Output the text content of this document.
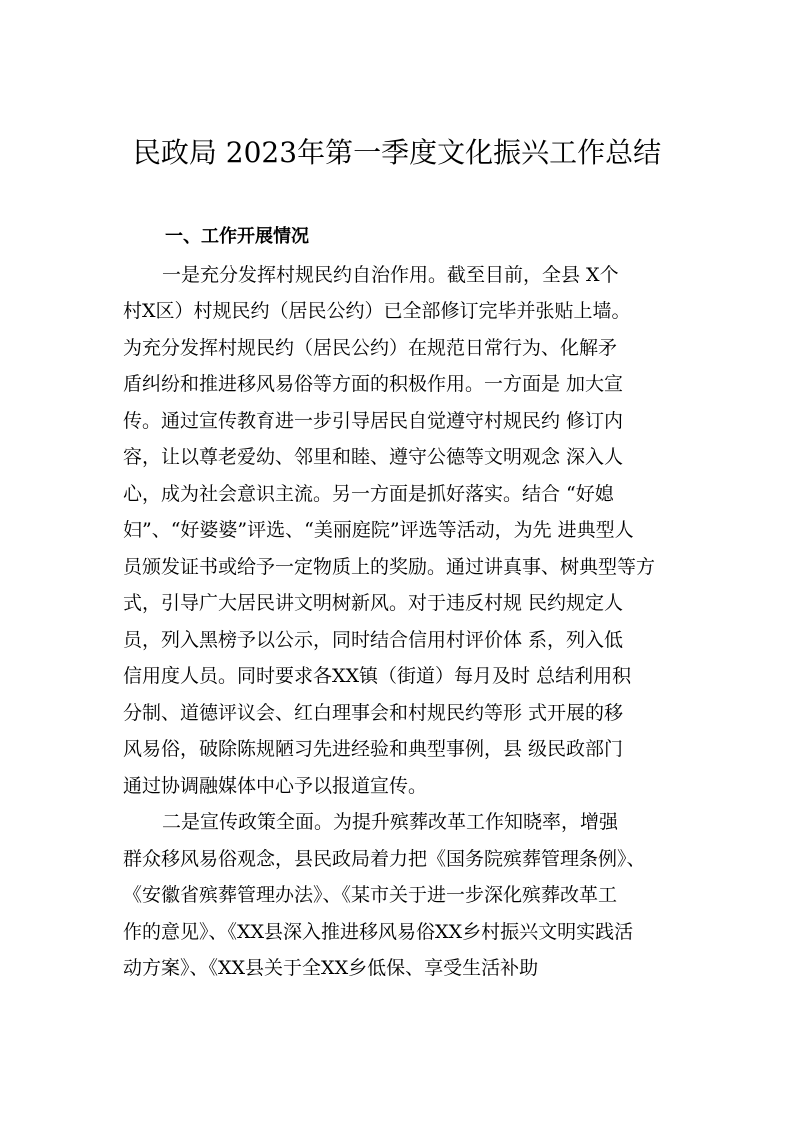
民政局 2023年第一季度文化振兴工作总结
一、工作开展情况
一是充分发挥村规民约自治作用。截至目前，全县 X个
村X区）村规民约（居民公约）已全部修订完毕并张贴上墙。
为充分发挥村规民约（居民公约）在规范日常行为、化解矛
盾纠纷和推进移风易俗等方面的积极作用。一方面是 加大宣
传。通过宣传教育进一步引导居民自觉遵守村规民约 修订内
容，让以尊老爱幼、邻里和睦、遵守公德等文明观念 深入人
心，成为社会意识主流。另一方面是抓好落实。结合 “好媳
妇”、“好婆婆”评选、“美丽庭院”评选等活动，为先 进典型人
员颁发证书或给予一定物质上的奖励。通过讲真事、树典型等方
式，引导广大居民讲文明树新风。对于违反村规 民约规定人
员，列入黑榜予以公示，同时结合信用村评价体 系，列入低
信用度人员。同时要求各XX镇（街道）每月及时 总结利用积
分制、道德评议会、红白理事会和村规民约等形 式开展的移
风易俗，破除陈规陋习先进经验和典型事例，县 级民政部门
通过协调融媒体中心予以报道宣传。
二是宣传政策全面。为提升殡葬改革工作知晓率，增强
群众移风易俗观念，县民政局着力把《国务院殡葬管理条例》、
《安徽省殡葬管理办法》、《某市关于进一步深化殡葬改革工
作的意见》、《XX县深入推进移风易俗XX乡村振兴文明实践活
动方案》、《XX县关于全XX乡低保、享受生活补助
